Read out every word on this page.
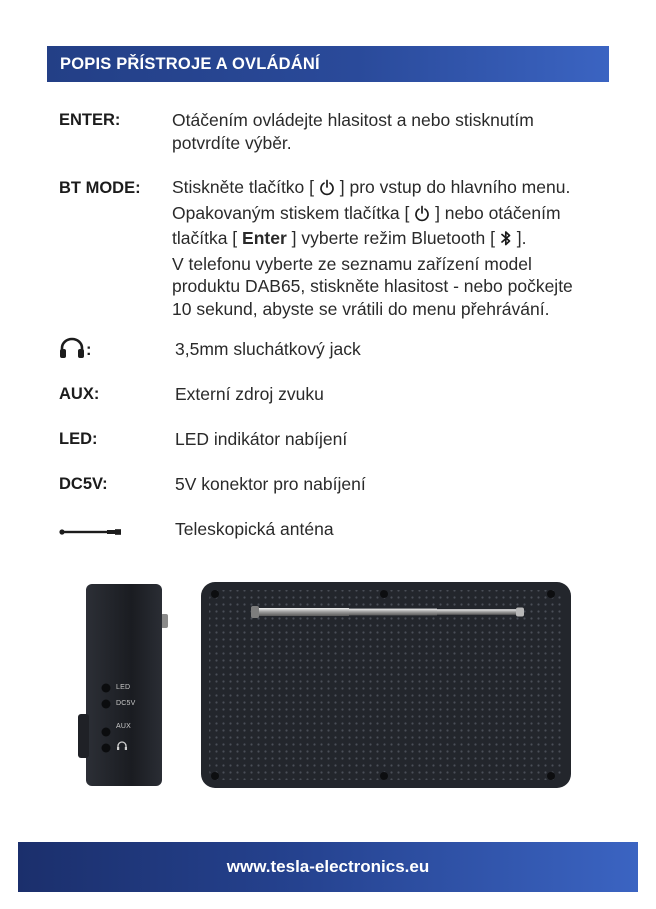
POPIS PŘÍSTROJE A OVLÁDÁNÍ
ENTER:	Otáčením ovládejte hlasitost a nebo stisknutím
potvrdíte výběr.
BT MODE: Stiskněte tlačítko [ ] pro vstup do hlavního menu.
Opakovaným stiskem tlačítka [ ] nebo otáčením
tlačítka [ Enter ] vyberte režim Bluetooth [ ].
V telefonu vyberte ze seznamu zařízení model
produktu DAB65, stiskněte hlasitost - nebo počkejte
10 sekund, abyste se vrátili do menu přehrávání.
:	3,5mm sluchátkový jack
AUX:	Externí zdroj zvuku
LED:	LED indikátor nabíjení
DC5V:	5V konektor pro nabíjení
Teleskopická anténa
LED
DC5V
AUX
www.tesla-electronics.eu
